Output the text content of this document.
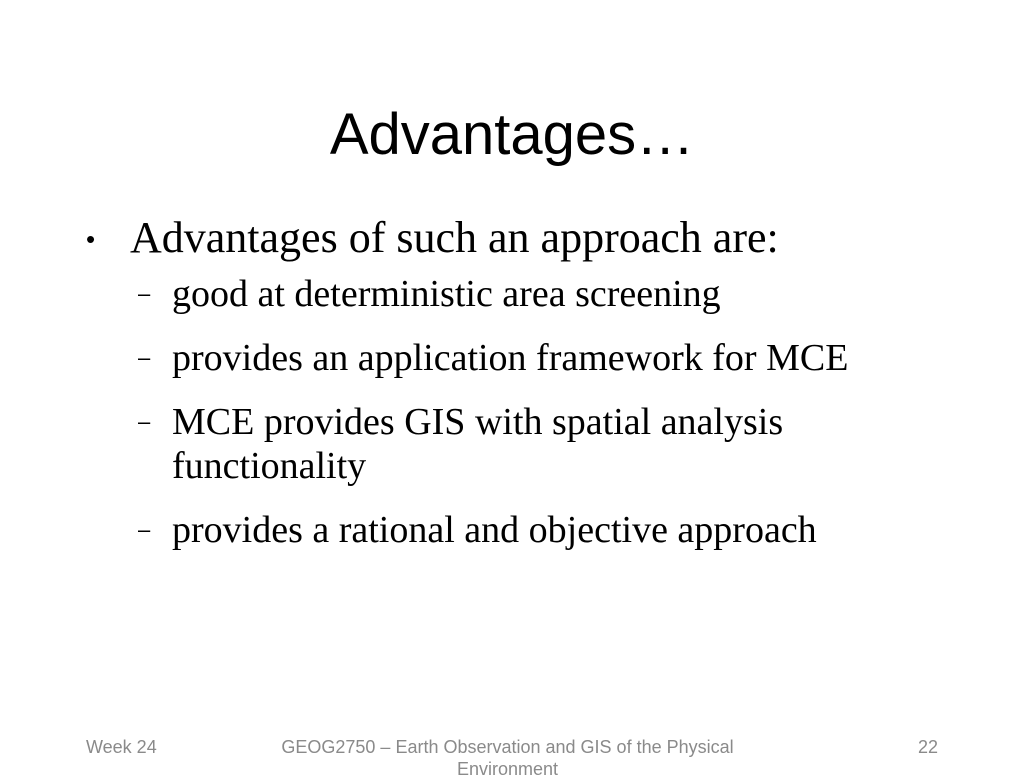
Advantages…
• Advantages of such an approach are:
– good at deterministic area screening
– provides an application framework for MCE
– MCE provides GIS with spatial analysis functionality
– provides a rational and objective approach
Week 24	GEOG2750 – Earth Observation and GIS of the Physical Environment
22
